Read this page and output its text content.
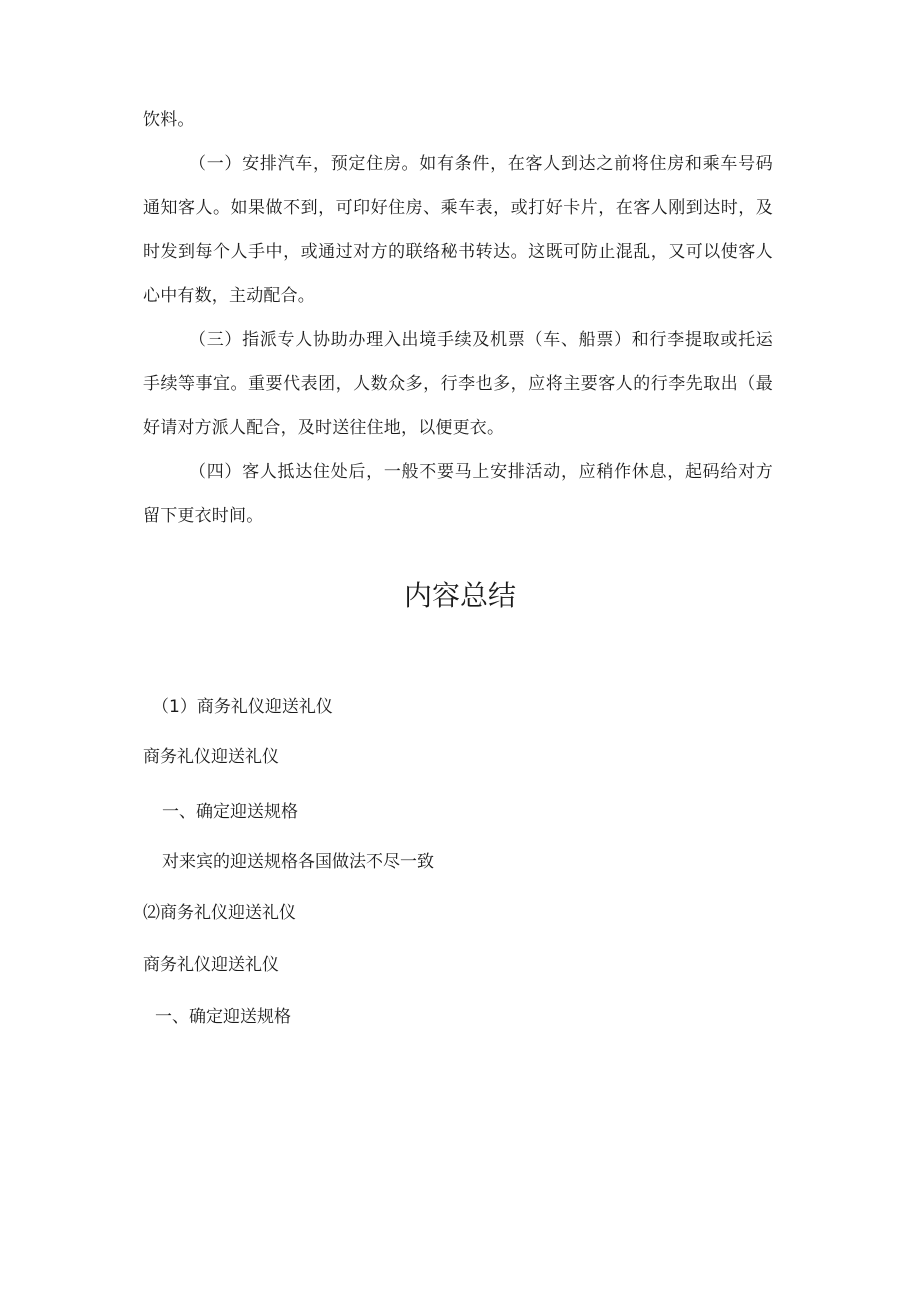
饮料。

（一）安排汽车，预定住房。如有条件，在客人到达之前将住房和乘车号码通知客人。如果做不到，可印好住房、乘车表，或打好卡片，在客人刚到达时，及时发到每个人手中，或通过对方的联络秘书转达。这既可防止混乱，又可以使客人心中有数，主动配合。

（三）指派专人协助办理入出境手续及机票（车、船票）和行李提取或托运手续等事宜。重要代表团，人数众多，行李也多，应将主要客人的行李先取出（最好请对方派人配合，及时送往住地，以便更衣。

（四）客人抵达住处后，一般不要马上安排活动，应稍作休息，起码给对方留下更衣时间。

内容总结

（1）商务礼仪迎送礼仪

商务礼仪迎送礼仪

一、确定迎送规格

对来宾的迎送规格各国做法不尽一致

⑵商务礼仪迎送礼仪

商务礼仪迎送礼仪

一、确定迎送规格
